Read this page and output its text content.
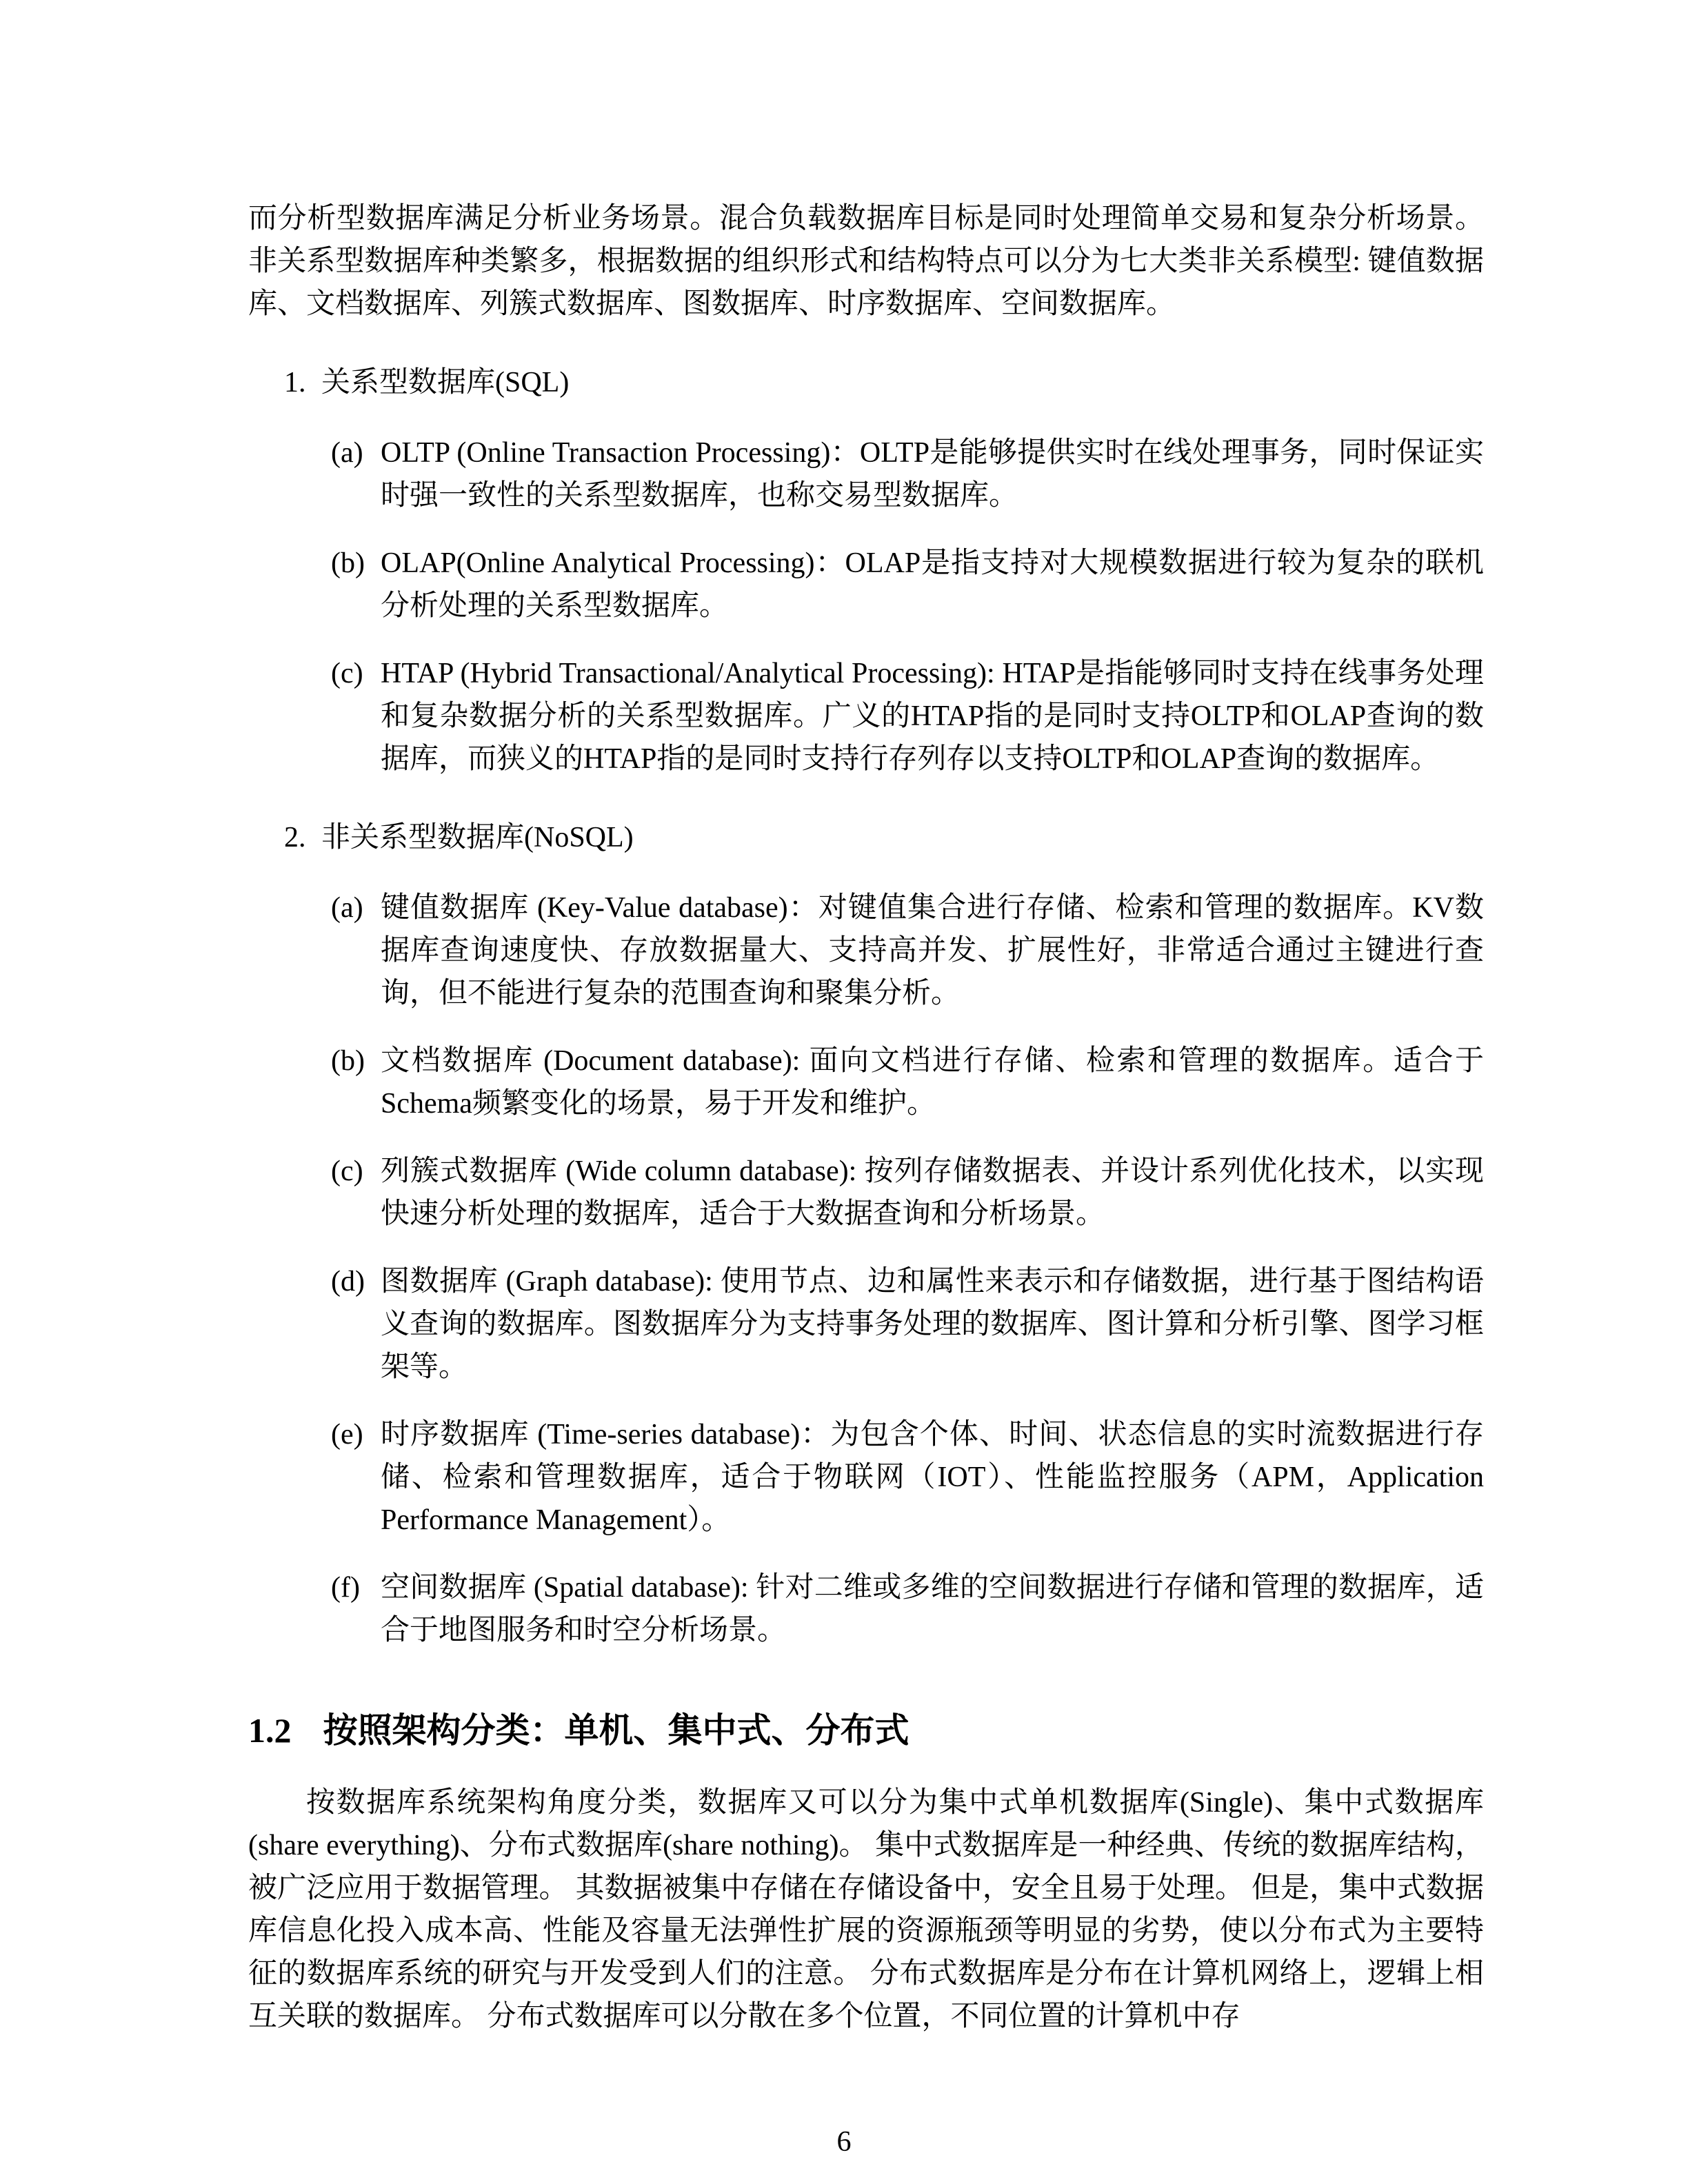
而分析型数据库满足分析业务场景。混合负载数据库目标是同时处理简单交易和复杂分析场景。 非关系型数据库种类繁多，根据数据的组织形式和结构特点可以分为七大类非关系模型: 键值数据库、文档数据库、列簇式数据库、图数据库、时序数据库、空间数据库。

1. 关系型数据库(SQL)
(a) OLTP (Online Transaction Processing)：OLTP是能够提供实时在线处理事务，同时保证实时强一致性的关系型数据库，也称交易型数据库。
(b) OLAP(Online Analytical Processing)：OLAP是指支持对大规模数据进行较为复杂的联机分析处理的关系型数据库。
(c) HTAP (Hybrid Transactional/Analytical Processing): HTAP是指能够同时支持在线事务处理和复杂数据分析的关系型数据库。广义的HTAP指的是同时支持OLTP和OLAP查询的数据库，而狭义的HTAP指的是同时支持行存列存以支持OLTP和OLAP查询的数据库。
2. 非关系型数据库(NoSQL)
(a) 键值数据库 (Key-Value database)：对键值集合进行存储、检索和管理的数据库。KV数据库查询速度快、存放数据量大、支持高并发、扩展性好，非常适合通过主键进行查询，但不能进行复杂的范围查询和聚集分析。
(b) 文档数据库 (Document database): 面向文档进行存储、检索和管理的数据库。适合于Schema频繁变化的场景，易于开发和维护。
(c) 列簇式数据库 (Wide column database): 按列存储数据表、并设计系列优化技术，以实现快速分析处理的数据库，适合于大数据查询和分析场景。
(d) 图数据库 (Graph database): 使用节点、边和属性来表示和存储数据，进行基于图结构语义查询的数据库。图数据库分为支持事务处理的数据库、图计算和分析引擎、图学习框架等。
(e) 时序数据库 (Time-series database)：为包含个体、时间、状态信息的实时流数据进行存储、检索和管理数据库，适合于物联网（IOT）、性能监控服务（APM，Application Performance Management）。
(f) 空间数据库 (Spatial database): 针对二维或多维的空间数据进行存储和管理的数据库，适合于地图服务和时空分析场景。
1.2 按照架构分类：单机、集中式、分布式

按数据库系统架构角度分类，数据库又可以分为集中式单机数据库(Single)、集中式数据库(share everything)、分布式数据库(share nothing)。 集中式数据库是一种经典、传统的数据库结构，被广泛应用于数据管理。 其数据被集中存储在存储设备中，安全且易于处理。 但是，集中式数据库信息化投入成本高、性能及容量无法弹性扩展的资源瓶颈等明显的劣势，使以分布式为主要特征的数据库系统的研究与开发受到人们的注意。 分布式数据库是分布在计算机网络上，逻辑上相互关联的数据库。 分布式数据库可以分散在多个位置，不同位置的计算机中存

6
